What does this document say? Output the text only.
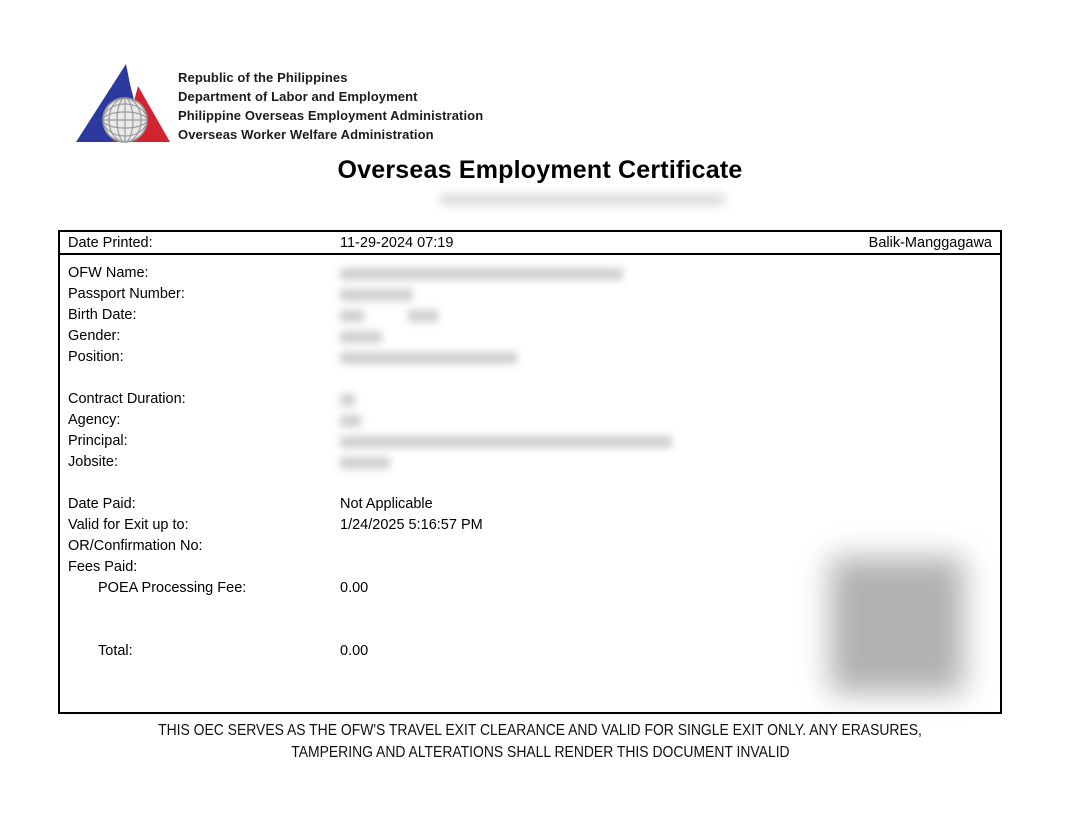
Republic of the Philippines
Department of Labor and Employment
Philippine Overseas Employment Administration
Overseas Worker Welfare Administration
Overseas Employment Certificate
Date Printed:	11-29-2024 07:19	Balik-Manggagawa
OFW Name:
Passport Number:
Birth Date:
Gender:
Position:
Contract Duration:
Agency:
Principal:
Jobsite:
Date Paid:	Not Applicable
Valid for Exit up to:	1/24/2025 5:16:57 PM
OR/Confirmation No:
Fees Paid:
POEA Processing Fee:	0.00
Total:	0.00
THIS OEC SERVES AS THE OFW'S TRAVEL EXIT CLEARANCE AND VALID FOR SINGLE EXIT ONLY. ANY ERASURES,
TAMPERING AND ALTERATIONS SHALL RENDER THIS DOCUMENT INVALID
